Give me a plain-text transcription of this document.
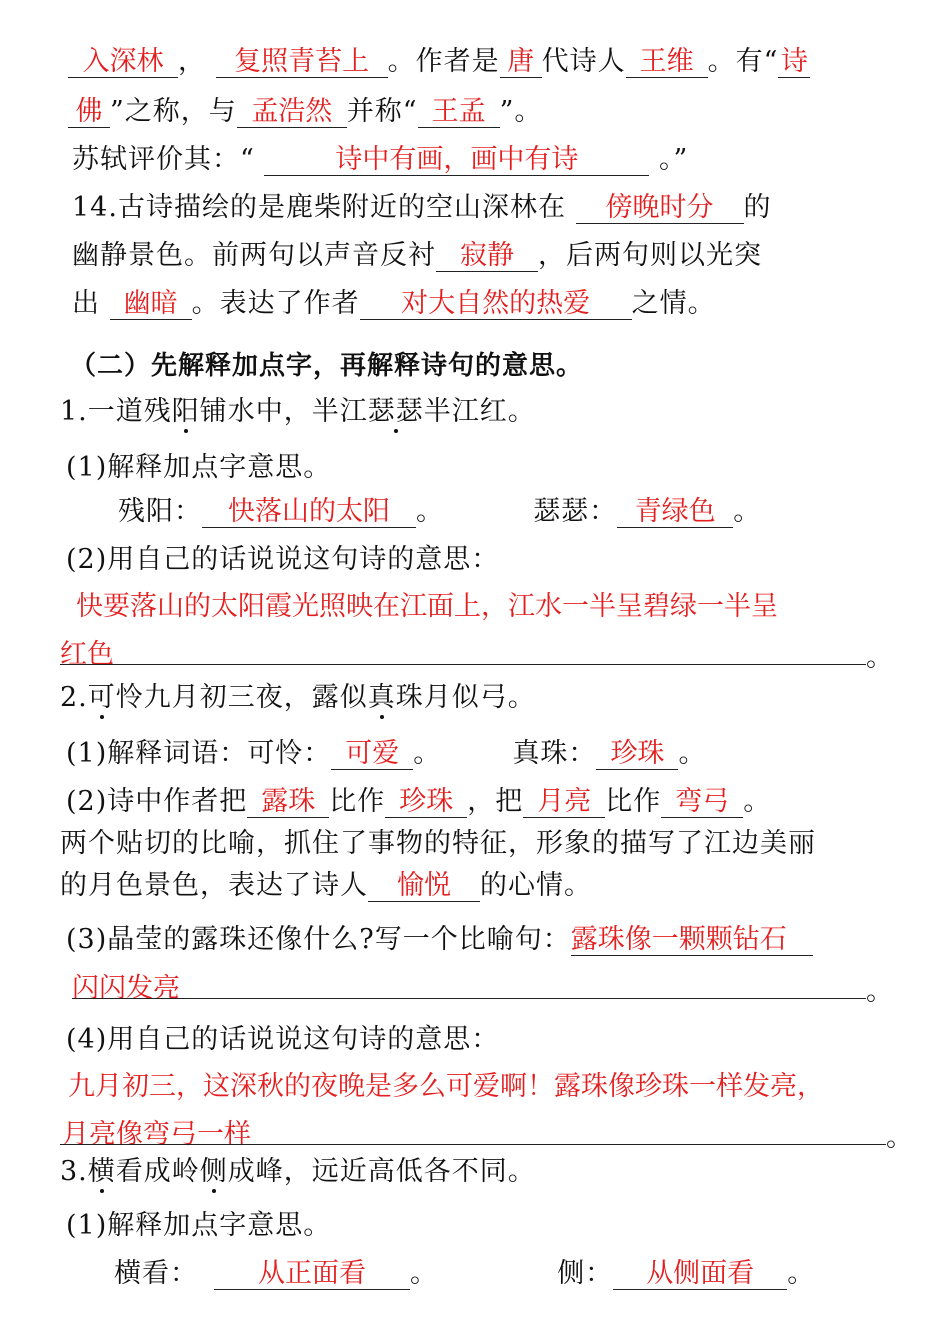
入深林 ， 复照青苔上 。作者是 唐 代诗人 王维 。有“诗
佛 ”之称，与 孟浩然 并称“ 王孟 ”。
苏轼评价其：“	诗中有画，画中有诗	。”
14.古诗描绘的是鹿柴附近的空山深林在 傍晚时分 的
幽静景色。前两句以声音反衬 寂静 ，后两句则以光突
出 幽暗 。表达了作者 对大自然的热爱 之情。
（二）先解释加点字，再解释诗句的意思。
1.一道残阳铺水中，半江瑟瑟半江红。
(1)解释加点字意思。
残阳： 快落山的太阳 。	瑟瑟： 青绿色 。
(2)用自己的话说说这句诗的意思：
快要落山的太阳霞光照映在江面上，江水一半呈碧绿一半呈
红色	。
2.可怜九月初三夜，露似真珠月似弓。
(1)解释词语：可怜： 可爱 。	真珠： 珍珠 。
(2)诗中作者把 露珠 比作 珍珠 ，把 月亮 比作 弯弓 。
两个贴切的比喻，抓住了事物的特征，形象的描写了江边美丽
的月色景色，表达了诗人 愉悦 的心情。
(3)晶莹的露珠还像什么?写一个比喻句：露珠像一颗颗钻石
闪闪发亮	。
(4)用自己的话说说这句诗的意思：
九月初三，这深秋的夜晚是多么可爱啊！露珠像珍珠一样发亮，
月亮像弯弓一样	。
3.横看成岭侧成峰，远近高低各不同。
(1)解释加点字意思。
横看： 从正面看 。	侧： 从侧面看 。
